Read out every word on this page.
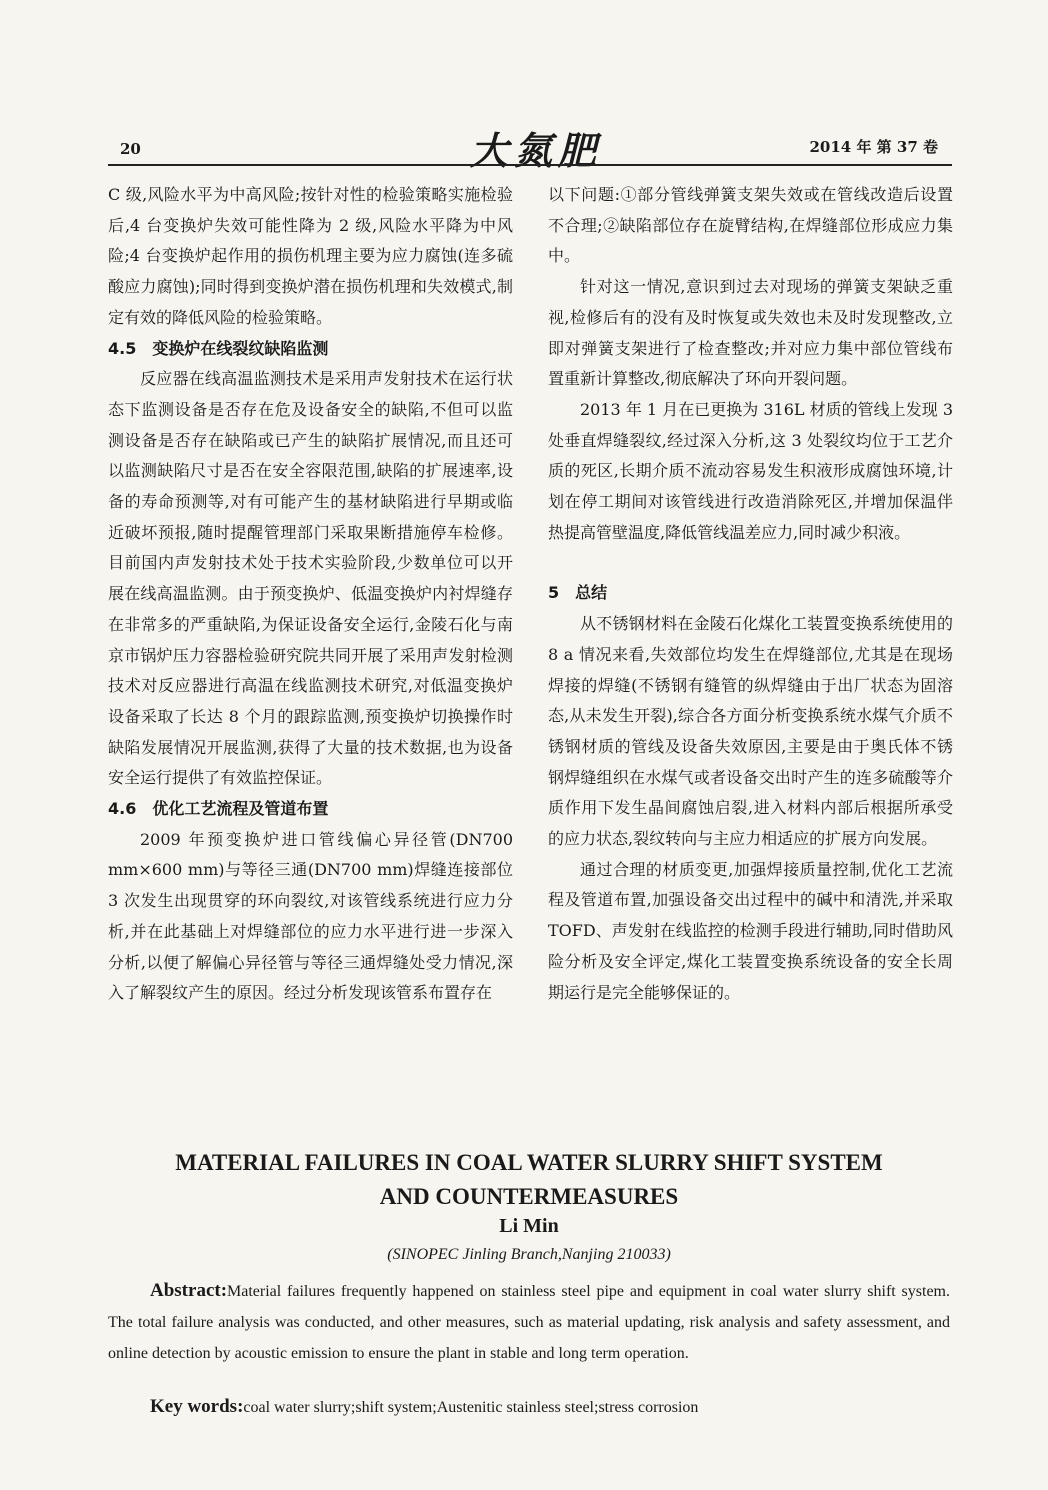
20	大氮肥	2014 年 第 37 卷

C 级,风险水平为中高风险;按针对性的检验策略实施检验后,4 台变换炉失效可能性降为 2 级,风险水平降为中风险;4 台变换炉起作用的损伤机理主要为应力腐蚀(连多硫酸应力腐蚀);同时得到变换炉潜在损伤机理和失效模式,制定有效的降低风险的检验策略。

4.5 变换炉在线裂纹缺陷监测

反应器在线高温监测技术是采用声发射技术在运行状态下监测设备是否存在危及设备安全的缺陷,不但可以监测设备是否存在缺陷或已产生的缺陷扩展情况,而且还可以监测缺陷尺寸是否在安全容限范围,缺陷的扩展速率,设备的寿命预测等,对有可能产生的基材缺陷进行早期或临近破坏预报,随时提醒管理部门采取果断措施停车检修。目前国内声发射技术处于技术实验阶段,少数单位可以开展在线高温监测。由于预变换炉、低温变换炉内衬焊缝存在非常多的严重缺陷,为保证设备安全运行,金陵石化与南京市锅炉压力容器检验研究院共同开展了采用声发射检测技术对反应器进行高温在线监测技术研究,对低温变换炉设备采取了长达 8 个月的跟踪监测,预变换炉切换操作时缺陷发展情况开展监测,获得了大量的技术数据,也为设备安全运行提供了有效监控保证。

4.6 优化工艺流程及管道布置

2009 年预变换炉进口管线偏心异径管(DN700 mm×600 mm)与等径三通(DN700 mm)焊缝连接部位 3 次发生出现贯穿的环向裂纹,对该管线系统进行应力分析,并在此基础上对焊缝部位的应力水平进行进一步深入分析,以便了解偏心异径管与等径三通焊缝处受力情况,深入了解裂纹产生的原因。经过分析发现该管系布置存在

以下问题:①部分管线弹簧支架失效或在管线改造后设置不合理;②缺陷部位存在旋臂结构,在焊缝部位形成应力集中。

针对这一情况,意识到过去对现场的弹簧支架缺乏重视,检修后有的没有及时恢复或失效也未及时发现整改,立即对弹簧支架进行了检查整改;并对应力集中部位管线布置重新计算整改,彻底解决了环向开裂问题。

2013 年 1 月在已更换为 316L 材质的管线上发现 3 处垂直焊缝裂纹,经过深入分析,这 3 处裂纹均位于工艺介质的死区,长期介质不流动容易发生积液形成腐蚀环境,计划在停工期间对该管线进行改造消除死区,并增加保温伴热提高管壁温度,降低管线温差应力,同时减少积液。

5 总结

从不锈钢材料在金陵石化煤化工装置变换系统使用的 8 a 情况来看,失效部位均发生在焊缝部位,尤其是在现场焊接的焊缝(不锈钢有缝管的纵焊缝由于出厂状态为固溶态,从未发生开裂),综合各方面分析变换系统水煤气介质不锈钢材质的管线及设备失效原因,主要是由于奥氏体不锈钢焊缝组织在水煤气或者设备交出时产生的连多硫酸等介质作用下发生晶间腐蚀启裂,进入材料内部后根据所承受的应力状态,裂纹转向与主应力相适应的扩展方向发展。

通过合理的材质变更,加强焊接质量控制,优化工艺流程及管道布置,加强设备交出过程中的碱中和清洗,并采取 TOFD、声发射在线监控的检测手段进行辅助,同时借助风险分析及安全评定,煤化工装置变换系统设备的安全长周期运行是完全能够保证的。

MATERIAL FAILURES IN COAL WATER SLURRY SHIFT SYSTEM
AND COUNTERMEASURES
Li Min
(SINOPEC Jinling Branch,Nanjing 210033)
Abstract:Material failures frequently happened on stainless steel pipe and equipment in coal water slurry shift system. The total failure analysis was conducted, and other measures, such as material updating, risk analysis and safety assessment, and online detection by acoustic emission to ensure the plant in stable and long term operation.
Key words:coal water slurry;shift system;Austenitic stainless steel;stress corrosion
